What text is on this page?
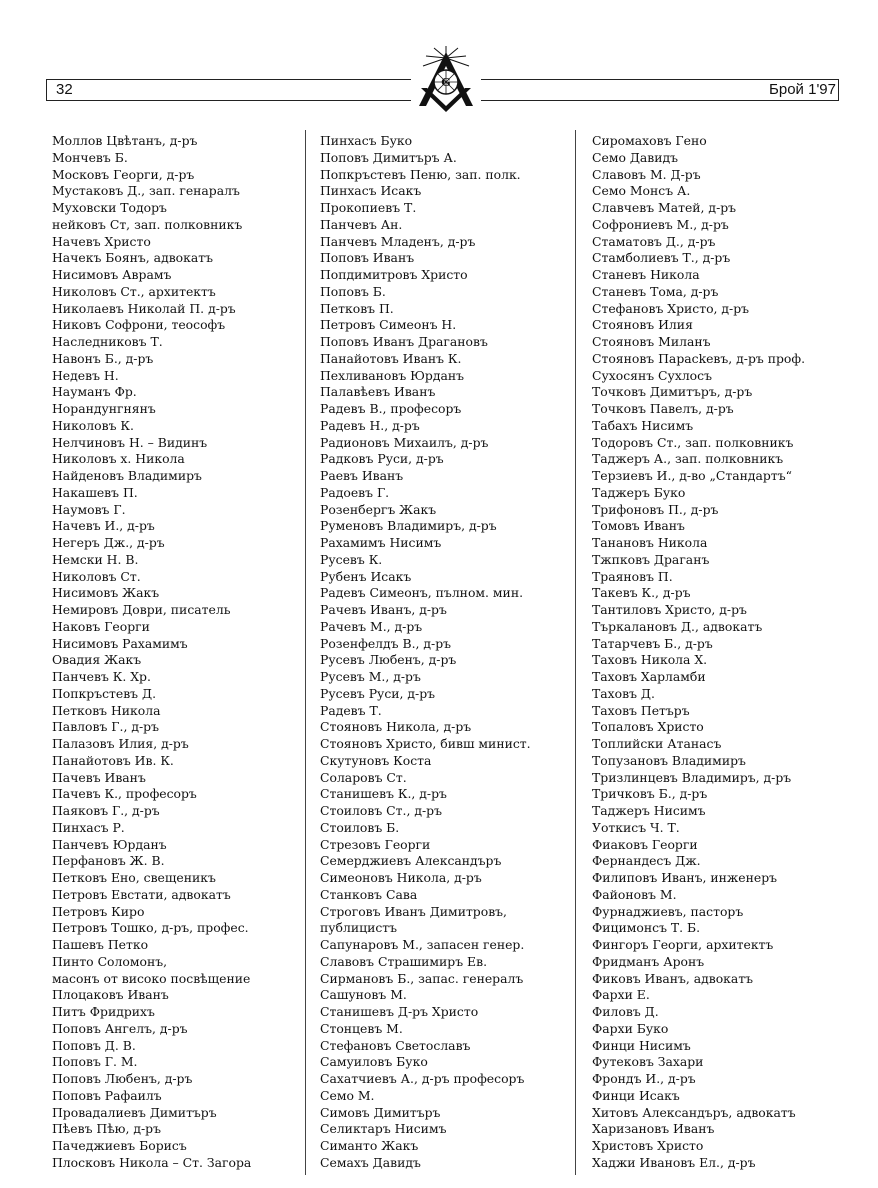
32	Брой 1'97
G
Моллов Цвѣтанъ, д-ръ
Мончевъ Б.
Московъ Георги, д-ръ
Мустаковъ Д., зап. генаралъ
Муховски Тодоръ
нейковъ Ст, зап. полковникъ
Начевъ Христо
Начекъ Боянъ, адвокатъ
Нисимовъ Аврамъ
Николовъ Ст., архитектъ
Николаевъ Николай П. д-ръ
Никовъ Софрони, теософъ
Наследниковъ Т.
Навонъ Б., д-ръ
Недевъ Н.
Науманъ Фр.
Норандунгнянъ
Николовъ К.
Нелчиновъ Н. – Видинъ
Николовъ х. Никола
Найденовъ Владимиръ
Накашевъ П.
Наумовъ Г.
Начевъ И., д-ръ
Негеръ Дж., д-ръ
Немски Н. В.
Николовъ Ст.
Нисимовъ Жакъ
Немировъ Доври, писатель
Наковъ Георги
Нисимовъ Рахамимъ
Овадия Жакъ
Панчевъ К. Хр.
Попкръстевъ Д.
Петковъ Никола
Павловъ Г., д-ръ
Палазовъ Илия, д-ръ
Панайотовъ Ив. К.
Пачевъ Иванъ
Пачевъ К., професоръ
Паяковъ Г., д-ръ
Пинхасъ Р.
Панчевъ Юрданъ
Перфановъ Ж. В.
Петковъ Ено, свещеникъ
Петровъ Евстати, адвокатъ
Петровъ Киро
Петровъ Тошко, д-ръ, профес.
Пашевъ Петко
Пинто Соломонъ,
масонъ от високо посвѣщение
Плоцаковъ Иванъ
Питъ Фридрихъ
Поповъ Ангелъ, д-ръ
Поповъ Д. В.
Поповъ Г. М.
Поповъ Любенъ, д-ръ
Поповъ Рафаилъ
Провадалиевъ Димитъръ
Пѣевъ Пѣю, д-ръ
Пачеджиевъ Борисъ
Плосковъ Никола – Ст. Загора
Пинхасъ Буко
Поповъ Димитъръ А.
Попкръстевъ Пеню, зап. полк.
Пинхасъ Исакъ
Прокопиевъ Т.
Панчевъ Ан.
Панчевъ Младенъ, д-ръ
Поповъ Иванъ
Попдимитровъ Христо
Поповъ Б.
Петковъ П.
Петровъ Симеонъ Н.
Поповъ Иванъ Драгановъ
Панайотовъ Иванъ К.
Пехливановъ Юрданъ
Палавѣевъ Иванъ
Радевъ В., професоръ
Радевъ Н., д-ръ
Радионовъ Михаилъ, д-ръ
Радковъ Руси, д-ръ
Раевъ Иванъ
Радоевъ Г.
Розенбергъ Жакъ
Руменовъ Владимиръ, д-ръ
Рахамимъ Нисимъ
Русевъ К.
Рубенъ Исакъ
Радевъ Симеонъ, пълном. мин.
Рачевъ Иванъ, д-ръ
Рачевъ М., д-ръ
Розенфелдъ В., д-ръ
Русевъ Любенъ, д-ръ
Русевъ М., д-ръ
Русевъ Руси, д-ръ
Радевъ Т.
Стояновъ Никола, д-ръ
Стояновъ Христо, бивш минист.
Скутуновъ Коста
Соларовъ Ст.
Станишевъ К., д-ръ
Стоиловъ Ст., д-ръ
Стоиловъ Б.
Стрезовъ Георги
Семерджиевъ Александъръ
Симеоновъ Никола, д-ръ
Станковъ Сава
Строговъ Иванъ Димитровъ,
публицистъ
Сапунаровъ М., запасен генер.
Славовъ Страшимиръ Ев.
Сирмановъ Б., запас. генералъ
Сашуновъ М.
Станишевъ Д-ръ Христо
Стонцевъ М.
Стефановъ Светославъ
Самуиловъ Буко
Сахатчиевъ А., д-ръ професоръ
Семо М.
Симовъ Димитъръ
Селиктаръ Нисимъ
Симанто Жакъ
Семахъ Давидъ
Сиромаховъ Гено
Семо Давидъ
Славовъ М. Д-ръ
Семо Монсъ А.
Славчевъ Матей, д-ръ
Софрониевъ М., д-ръ
Стаматовъ Д., д-ръ
Стамболиевъ Т., д-ръ
Станевъ Никола
Станевъ Тома, д-ръ
Стефановъ Христо, д-ръ
Стояновъ Илия
Стояновъ Миланъ
Стояновъ Парасkевъ, д-ръ проф.
Сухосянъ Сухлосъ
Точковъ Димитъръ, д-ръ
Точковъ Павелъ, д-ръ
Табахъ Нисимъ
Тодоровъ Ст., зап. полковникъ
Таджеръ А., зап. полковникъ
Терзиевъ И., д-во „Стандартъ“
Таджеръ Буко
Трифоновъ П., д-ръ
Томовъ Иванъ
Танановъ Никола
Тжпковъ Драганъ
Траяновъ П.
Такевъ К., д-ръ
Тантиловъ Христо, д-ръ
Търкалановъ Д., адвокатъ
Татарчевъ Б., д-ръ
Таховъ Никола Х.
Таховъ Харламби
Таховъ Д.
Таховъ Петъръ
Топаловъ Христо
Топлийски Атанасъ
Топузановъ Владимиръ
Тризлинцевъ Владимиръ, д-ръ
Тричковъ Б., д-ръ
Таджеръ Нисимъ
Уоткисъ Ч. Т.
Фиаковъ Георги
Фернандесъ Дж.
Филиповъ Иванъ, инженеръ
Файоновъ М.
Фурнаджиевъ, пасторъ
Фицимонсъ Т. Б.
Фингоръ Георги, архитектъ
Фридманъ Аронъ
Фиковъ Иванъ, адвокатъ
Фархи Е.
Филовъ Д.
Фархи Буко
Финци Нисимъ
Футековъ Захари
Фрондъ И., д-ръ
Финци Исакъ
Хитовъ Александъръ, адвокатъ
Харизановъ Иванъ
Христовъ Христо
Хаджи Ивановъ Ел., д-ръ
